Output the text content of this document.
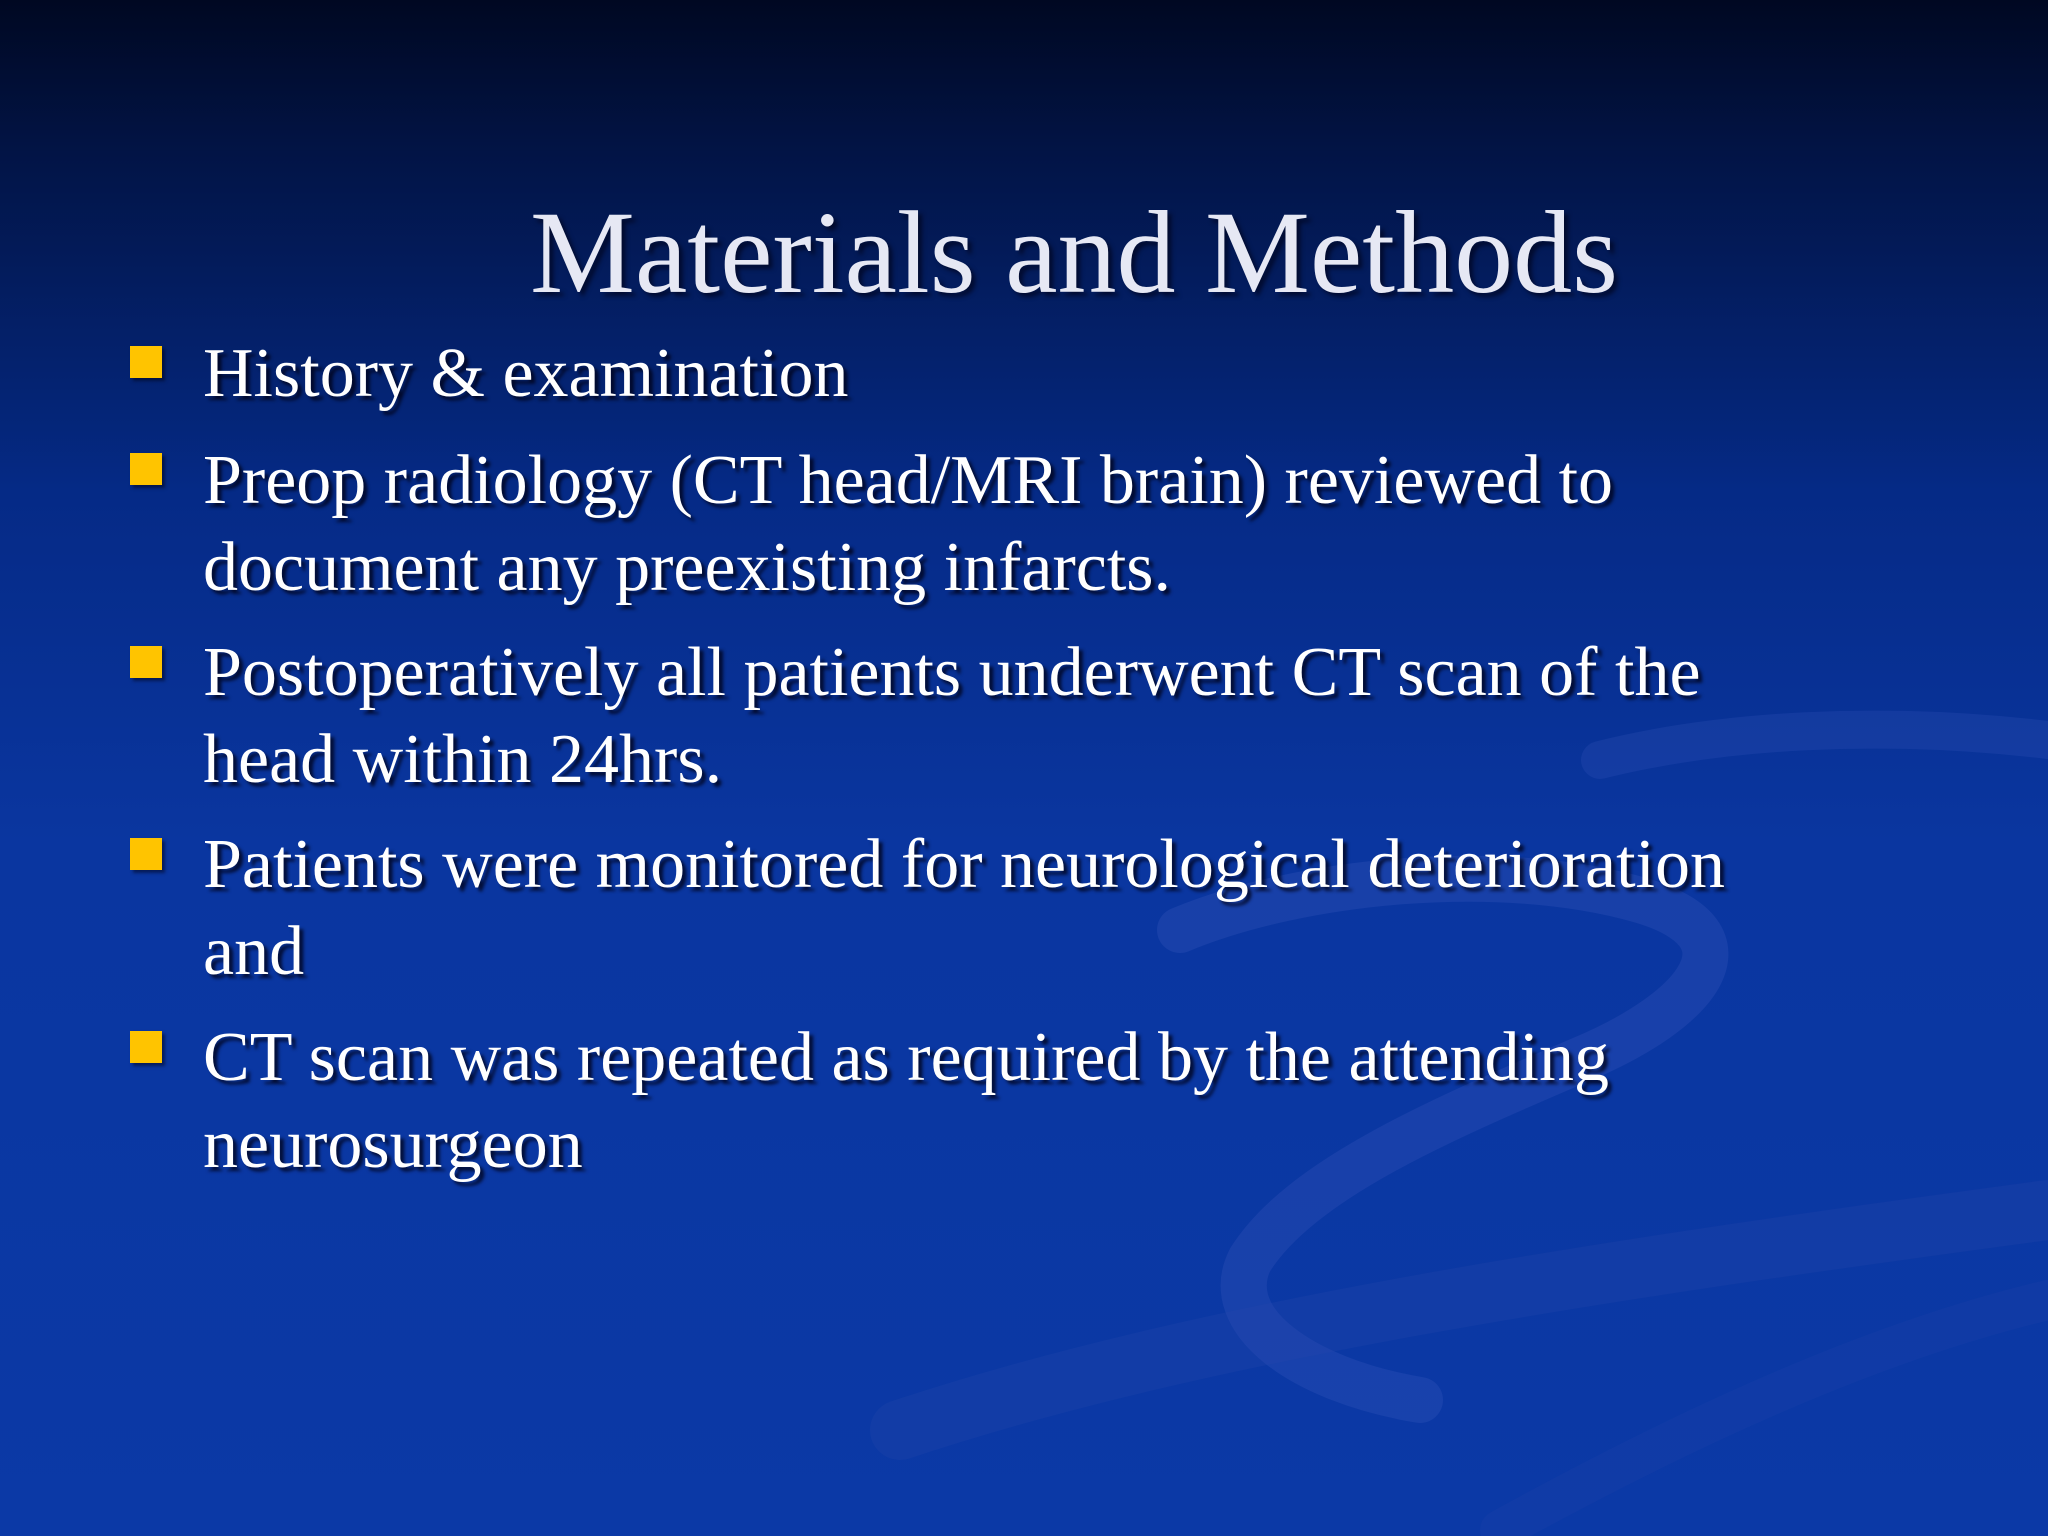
Materials and Methods
History & examination
Preop radiology (CT head/MRI brain) reviewed to
document any preexisting infarcts.
Postoperatively all patients underwent CT scan of the
head within 24hrs.
Patients were monitored for neurological deterioration
and
CT scan was repeated as required by the attending
neurosurgeon
